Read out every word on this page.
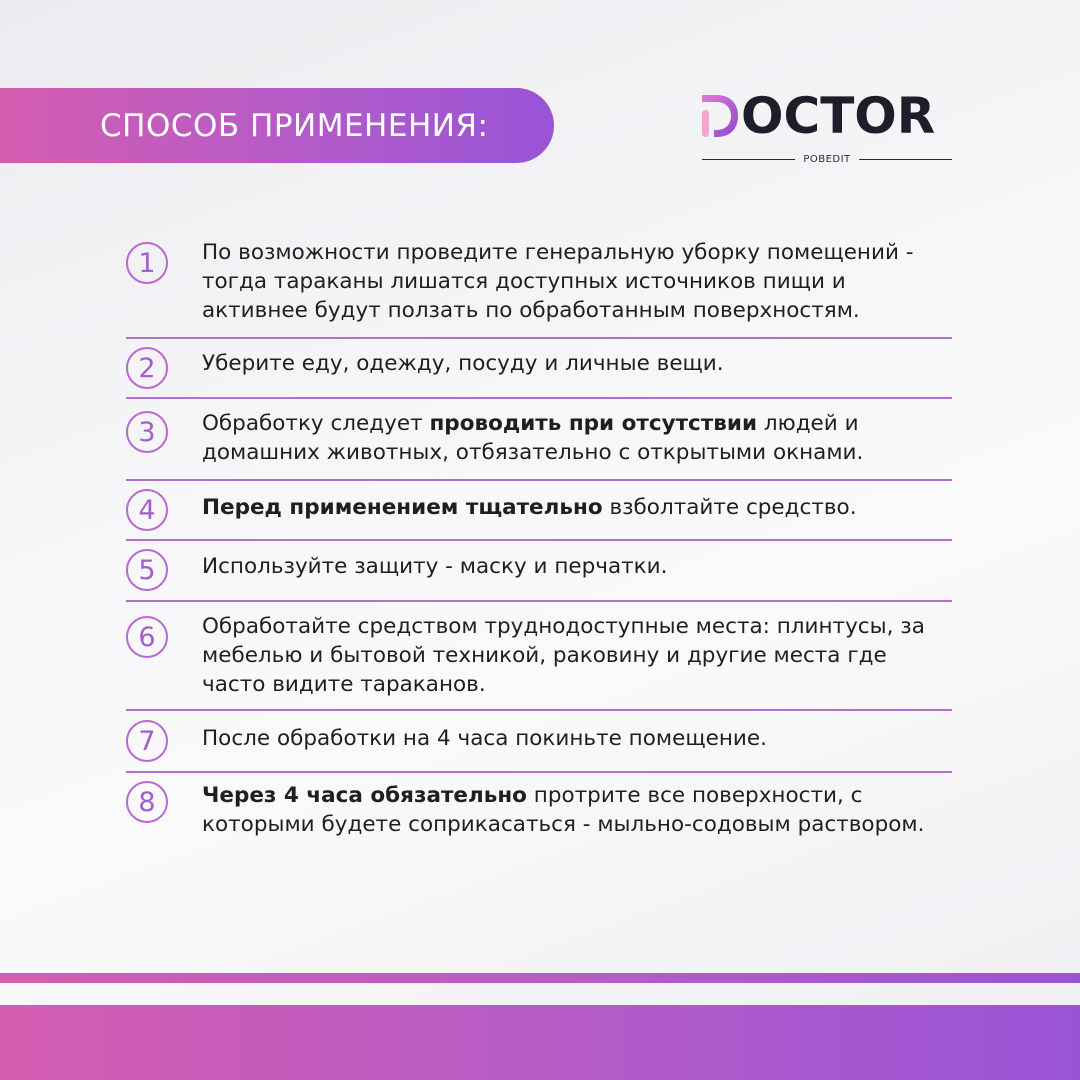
СПОСОБ ПРИМЕНЕНИЯ:	OCTOR
POBEDIT
1	По возможности проведите генеральную уборку помещений - тогда тараканы лишатся доступных источников пищи и активнее будут ползать по обработанным поверхностям.
2	Уберите еду, одежду, посуду и личные вещи.
3	Обработку следует проводить при отсутствии людей и домашних животных, отбязательно с открытыми окнами.
4	Перед применением тщательно взболтайте средство.
5	Используйте защиту - маску и перчатки.
6	Обработайте средством труднодоступные места: плинтусы, за мебелью и бытовой техникой, раковину и другие места где часто видите тараканов.
7	После обработки на 4 часа покиньте помещение.
8	Через 4 часа обязательно протрите все поверхности, с которыми будете соприкасаться - мыльно-содовым раствором.
